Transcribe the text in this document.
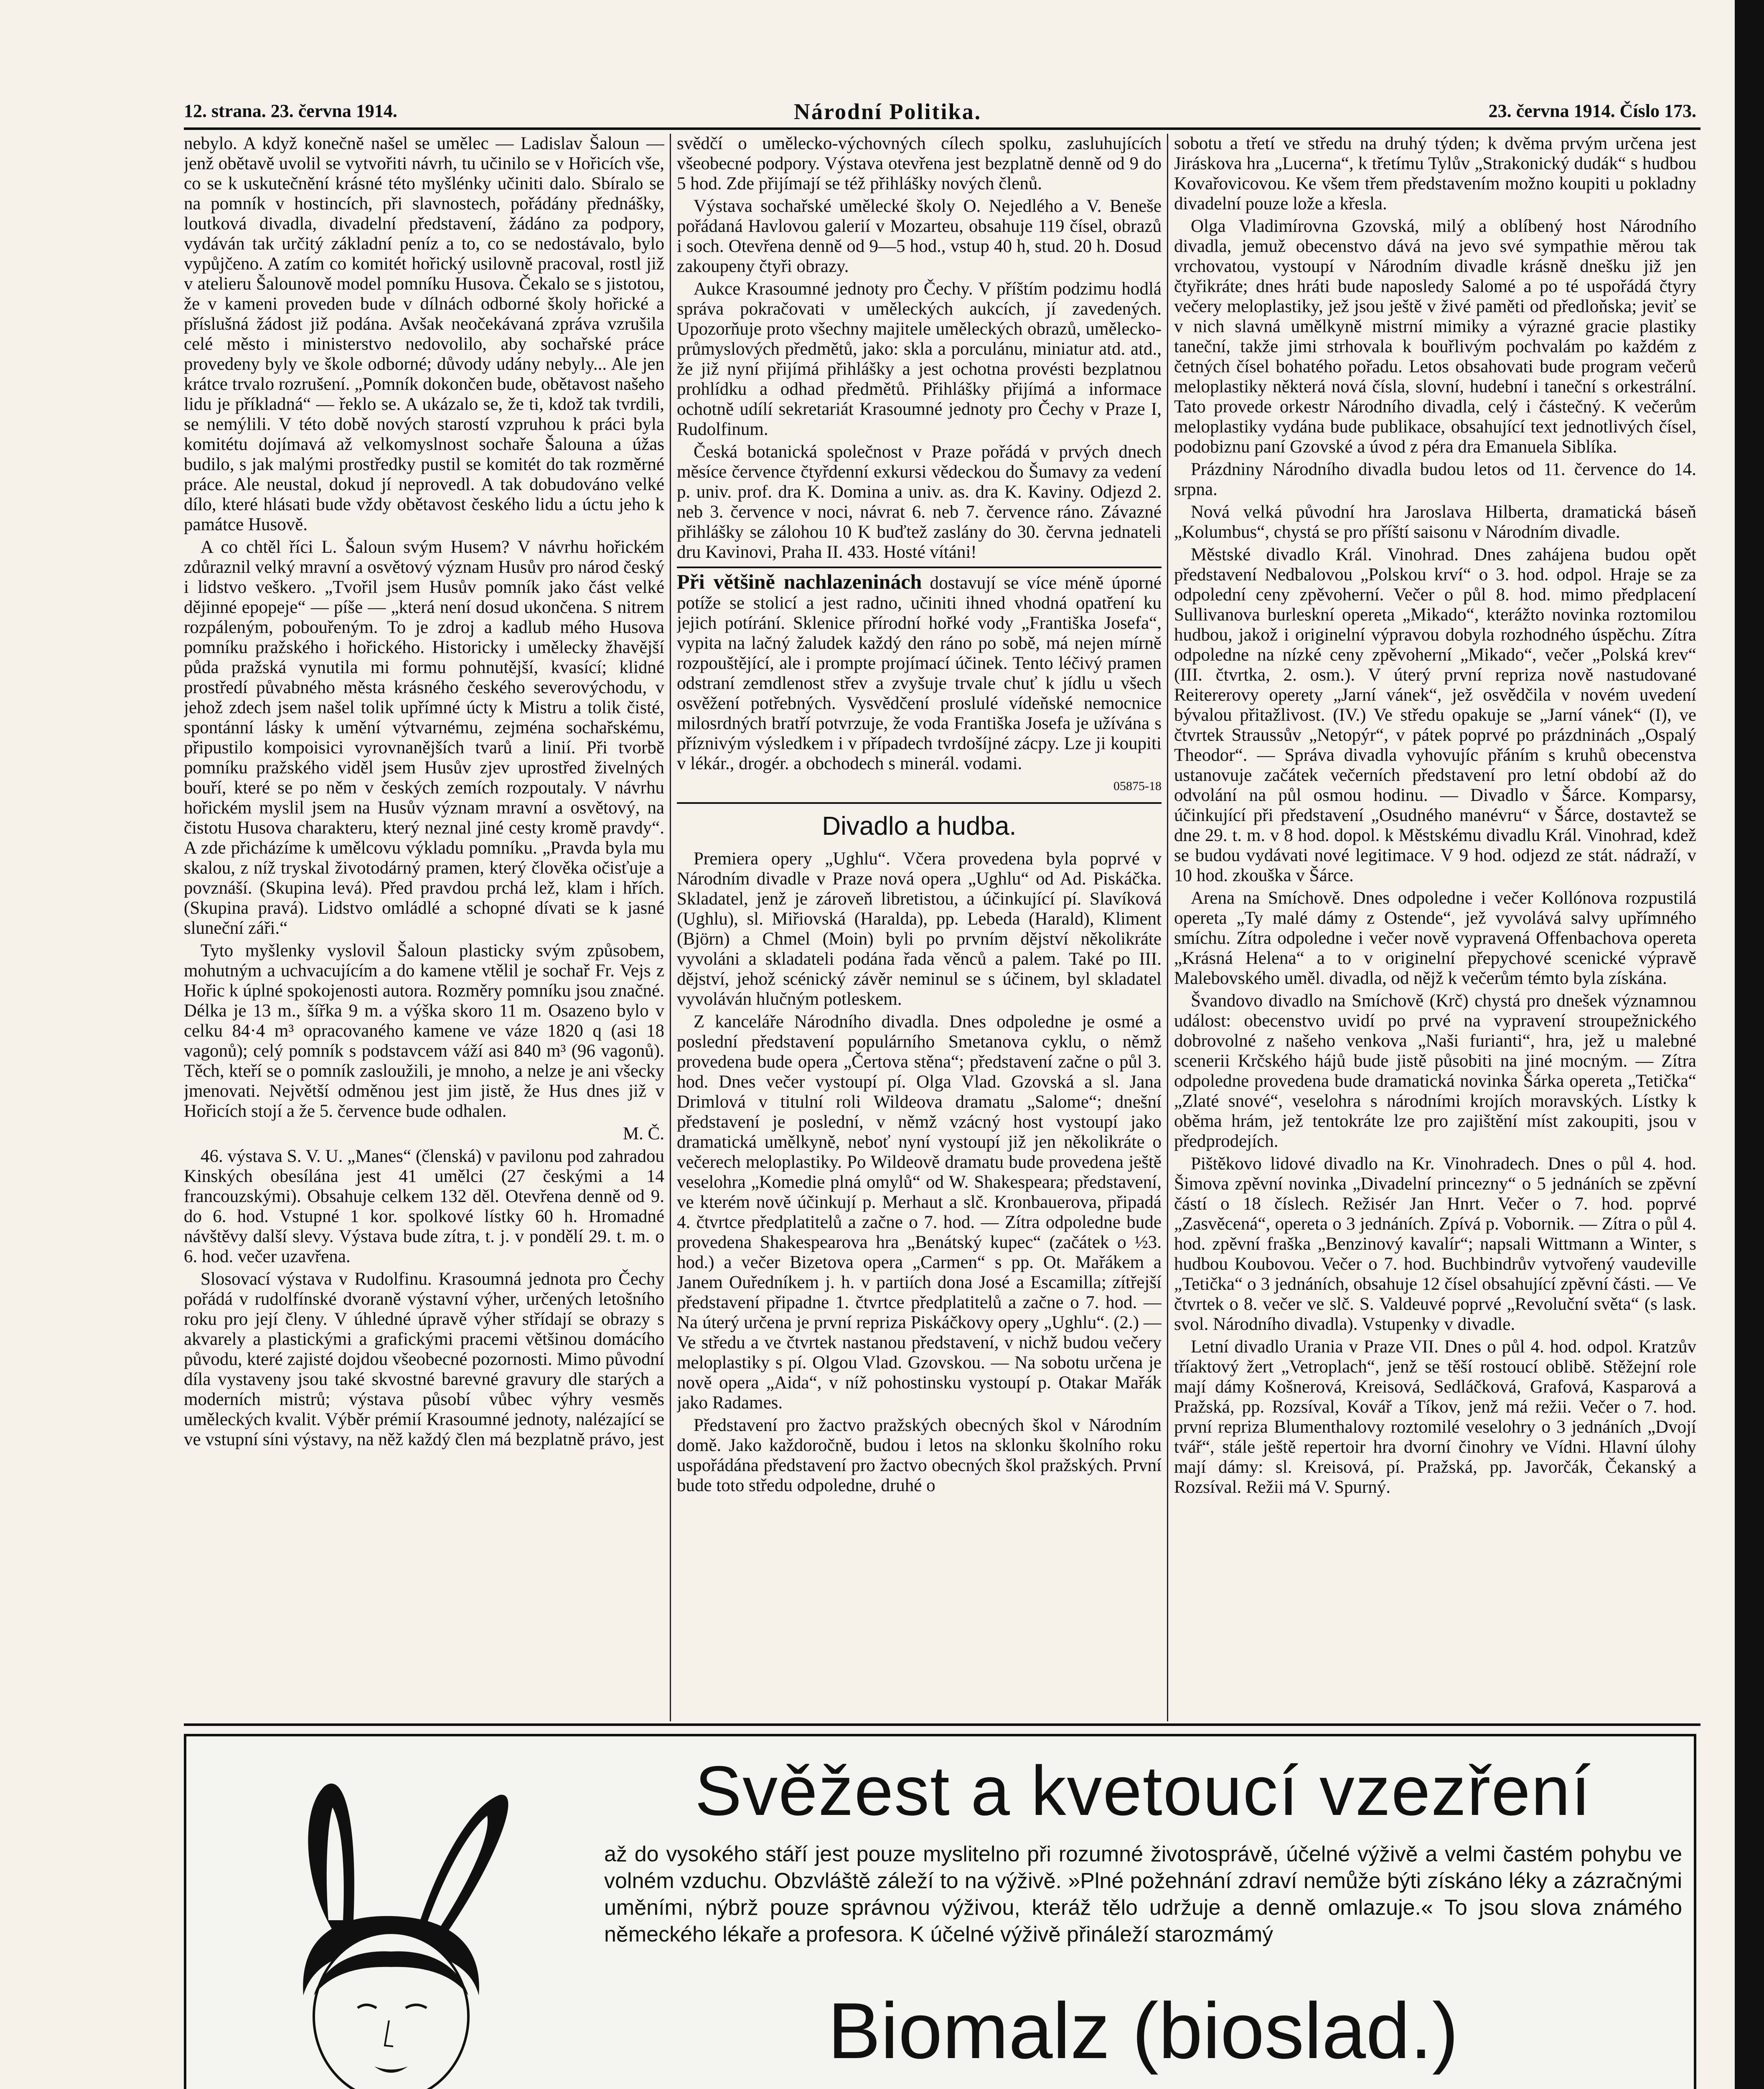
12. strana. 23. června 1914.	Národní Politika.	23. června 1914. Číslo 173.

nebylo. A když konečně našel se umělec — Ladislav Šaloun — jenž obětavě uvolil se vytvořiti návrh, tu učinilo se v Hořicích vše, co se k uskutečnění krásné této myšlénky učiniti dalo. Sbíralo se na pomník v hostincích, při slavnostech, pořádány přednášky, loutková divadla, divadelní představení, žádáno za podpory, vydáván tak určitý základní peníz a to, co se nedostávalo, bylo vypůjčeno. A zatím co komitét hořický usilovně pracoval, rostl již v atelieru Šalounově model pomníku Husova. Čekalo se s jistotou, že v kameni proveden bude v dílnách odborné školy hořické a příslušná žádost již podána. Avšak neočekávaná zpráva vzrušila celé město i ministerstvo nedovolilo, aby sochařské práce provedeny byly ve škole odborné; důvody udány nebyly... Ale jen krátce trvalo rozrušení. „Pomník dokončen bude, obětavost našeho lidu je příkladná“ — řeklo se. A ukázalo se, že ti, kdož tak tvrdili, se nemýlili. V této době nových starostí vzpruhou k práci byla komitétu dojímavá až velkomyslnost sochaře Šalouna a úžas budilo, s jak malými prostředky pustil se komitét do tak rozměrné práce. Ale neustal, dokud jí neprovedl. A tak dobudováno velké dílo, které hlásati bude vždy obětavost českého lidu a úctu jeho k památce Husově.

A co chtěl říci L. Šaloun svým Husem? V návrhu hořickém zdůraznil velký mravní a osvětový význam Husův pro národ český i lidstvo veškero. „Tvořil jsem Husův pomník jako část velké dějinné epopeje“ — píše — „která není dosud ukončena. S nitrem rozpáleným, pobouřeným. To je zdroj a kadlub mého Husova pomníku pražského i hořického. Historicky i umělecky žhavější půda pražská vynutila mi formu pohnutější, kvasící; klidné prostředí půvabného města krásného českého severovýchodu, v jehož zdech jsem našel tolik upřímné úcty k Mistru a tolik čisté, spontánní lásky k umění výtvarnému, zejména sochařskému, připustilo kompoisici vyrovnanějších tvarů a linií. Při tvorbě pomníku pražského viděl jsem Husův zjev uprostřed živelných bouří, které se po něm v českých zemích rozpoutaly. V návrhu hořickém myslil jsem na Husův význam mravní a osvětový, na čistotu Husova charakteru, který neznal jiné cesty kromě pravdy“. A zde přicházíme k umělcovu výkladu pomníku. „Pravda byla mu skalou, z níž tryskal životodárný pramen, který člověka očisťuje a povznáší. (Skupina levá). Před pravdou prchá lež, klam i hřích. (Skupina pravá). Lidstvo omládlé a schopné dívati se k jasné sluneční záři.“

Tyto myšlenky vyslovil Šaloun plasticky svým způsobem, mohutným a uchvacujícím a do kamene vtělil je sochař Fr. Vejs z Hořic k úplné spokojenosti autora. Rozměry pomníku jsou značné. Délka je 13 m., šířka 9 m. a výška skoro 11 m. Osazeno bylo v celku 84·4 m³ opracovaného kamene ve váze 1820 q (asi 18 vagonů); celý pomník s podstavcem váží asi 840 m³ (96 vagonů). Těch, kteří se o pomník zasloužili, je mnoho, a nelze je ani všecky jmenovati. Největší odměnou jest jim jistě, že Hus dnes již v Hořicích stojí a že 5. července bude odhalen.

M. Č.

46. výstava S. V. U. „Manes“ (členská) v pavilonu pod zahradou Kinských obesílána jest 41 umělci (27 českými a 14 francouzskými). Obsahuje celkem 132 děl. Otevřena denně od 9. do 6. hod. Vstupné 1 kor. spolkové lístky 60 h. Hromadné návštěvy další slevy. Výstava bude zítra, t. j. v pondělí 29. t. m. o 6. hod. večer uzavřena.

Slosovací výstava v Rudolfinu. Krasoumná jednota pro Čechy pořádá v rudolfínské dvoraně výstavní výher, určených letošního roku pro její členy. V úhledné úpravě výher střídají se obrazy s akvarely a plastickými a grafickými pracemi většinou domácího původu, které zajisté dojdou všeobecné pozornosti. Mimo původní díla vystaveny jsou také skvostné barevné gravury dle starých a moderních mistrů; výstava působí vůbec výhry vesměs uměleckých kvalit. Výběr prémií Krasoumné jednoty, nalézající se ve vstupní síni výstavy, na něž každý člen má bezplatně právo, jest

svědčí o umělecko-výchovných cílech spolku, zasluhujících všeobecné podpory. Výstava otevřena jest bezplatně denně od 9 do 5 hod. Zde přijímají se též přihlášky nových členů.

Výstava sochařské umělecké školy O. Nejedlého a V. Beneše pořádaná Havlovou galerií v Mozarteu, obsahuje 119 čísel, obrazů i soch. Otevřena denně od 9—5 hod., vstup 40 h, stud. 20 h. Dosud zakoupeny čtyři obrazy.

Aukce Krasoumné jednoty pro Čechy. V příštím podzimu hodlá správa pokračovati v uměleckých aukcích, jí zavedených. Upozorňuje proto všechny majitele uměleckých obrazů, umělecko-průmyslových předmětů, jako: skla a porculánu, miniatur atd. atd., že již nyní přijímá přihlášky a jest ochotna provésti bezplatnou prohlídku a odhad předmětů. Přihlášky přijímá a informace ochotně udílí sekretariát Krasoumné jednoty pro Čechy v Praze I, Rudolfinum.

Česká botanická společnost v Praze pořádá v prvých dnech měsíce července čtyřdenní exkursi vědeckou do Šumavy za vedení p. univ. prof. dra K. Domina a univ. as. dra K. Kaviny. Odjezd 2. neb 3. července v noci, návrat 6. neb 7. července ráno. Závazné přihlášky se zálohou 10 K buďtež zaslány do 30. června jednateli dru Kavinovi, Praha II. 433. Hosté vítáni!

Při většině nachlazeninách dostavují se více méně úporné potíže se stolicí a jest radno, učiniti ihned vhodná opatření ku jejich potírání. Sklenice přírodní hořké vody „Františka Josefa“, vypita na lačný žaludek každý den ráno po sobě, má nejen mírně rozpouštějící, ale i prompte projímací účinek. Tento léčivý pramen odstraní zemdlenost střev a zvyšuje trvale chuť k jídlu u všech osvěžení potřebných. Vysvědčení proslulé vídeňské nemocnice milosrdných bratří potvrzuje, že voda Františka Josefa je užívána s příznivým výsledkem i v případech tvrdošíjné zácpy. Lze ji koupiti v lékár., drogér. a obchodech s minerál. vodami.

05875-18

Divadlo a hudba.

Premiera opery „Ughlu“. Včera provedena byla poprvé v Národním divadle v Praze nová opera „Ughlu“ od Ad. Piskáčka. Skladatel, jenž je zároveň libretistou, a účinkující pí. Slavíková (Ughlu), sl. Miřiovská (Haralda), pp. Lebeda (Harald), Kliment (Björn) a Chmel (Moin) byli po prvním dějství několikráte vyvoláni a skladateli podána řada věnců a palem. Také po III. dějství, jehož scénický závěr neminul se s účinem, byl skladatel vyvoláván hlučným potleskem.

Z kanceláře Národního divadla. Dnes odpoledne je osmé a poslední představení populárního Smetanova cyklu, o němž provedena bude opera „Čertova stěna“; představení začne o půl 3. hod. Dnes večer vystoupí pí. Olga Vlad. Gzovská a sl. Jana Drimlová v titulní roli Wildeova dramatu „Salome“; dnešní představení je poslední, v němž vzácný host vystoupí jako dramatická umělkyně, neboť nyní vystoupí již jen několikráte o večerech meloplastiky. Po Wildeově dramatu bude provedena ještě veselohra „Komedie plná omylů“ od W. Shakespeara; představení, ve kterém nově účinkují p. Merhaut a slč. Kronbauerova, připadá 4. čtvrtce předplatitelů a začne o 7. hod. — Zítra odpoledne bude provedena Shakespearova hra „Benátský kupec“ (začátek o ½3. hod.) a večer Bizetova opera „Carmen“ s pp. Ot. Mařákem a Janem Ouředníkem j. h. v partiích dona José a Escamilla; zítřejší představení připadne 1. čtvrtce předplatitelů a začne o 7. hod. — Na úterý určena je první repriza Piskáčkovy opery „Ughlu“. (2.) — Ve středu a ve čtvrtek nastanou představení, v nichž budou večery meloplastiky s pí. Olgou Vlad. Gzovskou. — Na sobotu určena je nově opera „Aida“, v níž pohostinsku vystoupí p. Otakar Mařák jako Radames.

Představení pro žactvo pražských obecných škol v Národním domě. Jako každoročně, budou i letos na sklonku školního roku uspořádána představení pro žactvo obecných škol pražských. První bude toto středu odpoledne, druhé o

sobotu a třetí ve středu na druhý týden; k dvěma prvým určena jest Jiráskova hra „Lucerna“, k třetímu Tylův „Strakonický dudák“ s hudbou Kovařovicovou. Ke všem třem představením možno koupiti u pokladny divadelní pouze lože a křesla.

Olga Vladimírovna Gzovská, milý a oblíbený host Národního divadla, jemuž obecenstvo dává na jevo své sympathie měrou tak vrchovatou, vystoupí v Národním divadle krásně dnešku již jen čtyřikráte; dnes hráti bude naposledy Salomé a po té uspořádá čtyry večery meloplastiky, jež jsou ještě v živé paměti od předloňska; jeviť se v nich slavná umělkyně mistrní mimiky a výrazné gracie plastiky taneční, takže jimi strhovala k bouřlivým pochvalám po každém z četných čísel bohatého pořadu. Letos obsahovati bude program večerů meloplastiky některá nová čísla, slovní, hudební i taneční s orkestrální. Tato provede orkestr Národního divadla, celý i částečný. K večerům meloplastiky vydána bude publikace, obsahující text jednotlivých čísel, podobiznu paní Gzovské a úvod z péra dra Emanuela Siblíka.

Prázdniny Národního divadla budou letos od 11. července do 14. srpna.

Nová velká původní hra Jaroslava Hilberta, dramatická báseň „Kolumbus“, chystá se pro příští saisonu v Národním divadle.

Městské divadlo Král. Vinohrad. Dnes zahájena budou opět představení Nedbalovou „Polskou krví“ o 3. hod. odpol. Hraje se za odpolední ceny zpěvoherní. Večer o půl 8. hod. mimo předplacení Sullivanova burleskní opereta „Mikado“, kterážto novinka roztomilou hudbou, jakož i originelní výpravou dobyla rozhodného úspěchu. Zítra odpoledne na nízké ceny zpěvoherní „Mikado“, večer „Polská krev“ (III. čtvrtka, 2. osm.). V úterý první repriza nově nastudované Reitererovy operety „Jarní vánek“, jež osvědčila v novém uvedení bývalou přitažlivost. (IV.) Ve středu opakuje se „Jarní vánek“ (I), ve čtvrtek Straussův „Netopýr“, v pátek poprvé po prázdninách „Ospalý Theodor“. — Správa divadla vyhovujíc přáním s kruhů obecenstva ustanovuje začátek večerních představení pro letní období až do odvolání na půl osmou hodinu. — Divadlo v Šárce. Komparsy, účinkující při představení „Osudného manévru“ v Šárce, dostavtež se dne 29. t. m. v 8 hod. dopol. k Městskému divadlu Král. Vinohrad, kdež se budou vydávati nové legitimace. V 9 hod. odjezd ze stát. nádraží, v 10 hod. zkouška v Šárce.

Arena na Smíchově. Dnes odpoledne i večer Kollónova rozpustilá opereta „Ty malé dámy z Ostende“, jež vyvolává salvy upřímného smíchu. Zítra odpoledne i večer nově vypravená Offenbachova opereta „Krásná Helena“ a to v originelní přepychové scenické výpravě Malebovského uměl. divadla, od nějž k večerům témto byla získána.

Švandovo divadlo na Smíchově (Krč) chystá pro dnešek významnou událost: obecenstvo uvidí po prvé na vypravení stroupežnického dobrovolné z našeho venkova „Naši furianti“, hra, jež u malebné scenerii Krčského hájů bude jistě působiti na jiné mocným. — Zítra odpoledne provedena bude dramatická novinka Šárka opereta „Tetička“ „Zlaté snové“, veselohra s národními krojích moravských. Lístky k oběma hrám, jež tentokráte lze pro zajištění míst zakoupiti, jsou v předprodejích.

Pištěkovo lidové divadlo na Kr. Vinohradech. Dnes o půl 4. hod. Šimova zpěvní novinka „Divadelní princezny“ o 5 jednáních se zpěvní částí o 18 číslech. Režisér Jan Hnrt. Večer o 7. hod. poprvé „Zasvěcená“, opereta o 3 jednáních. Zpívá p. Vobornik. — Zítra o půl 4. hod. zpěvní fraška „Benzinový kavalír“; napsali Wittmann a Winter, s hudbou Koubovou. Večer o 7. hod. Buchbindrův vytvořený vaudeville „Tetička“ o 3 jednáních, obsahuje 12 čísel obsahující zpěvní části. — Ve čtvrtek o 8. večer ve slč. S. Valdeuvé poprvé „Revoluční světa“ (s lask. svol. Národního divadla). Vstupenky v divadle.

Letní divadlo Urania v Praze VII. Dnes o půl 4. hod. odpol. Kratzův tříaktový žert „Vetroplach“, jenž se těší rostoucí oblibě. Stěžejní role mají dámy Košnerová, Kreisová, Sedláčková, Grafová, Kasparová a Pražská, pp. Rozsíval, Kovář a Tíkov, jenž má režii. Večer o 7. hod. první repriza Blumenthalovy roztomilé veselohry o 3 jednáních „Dvojí tvář“, stále ještě repertoir hra dvorní činohry ve Vídni. Hlavní úlohy mají dámy: sl. Kreisová, pí. Pražská, pp. Javorčák, Čekanský a Rozsíval. Režii má V. Spurný.

Svěžest a kvetoucí vzezření
až do vysokého stáří jest pouze myslitelno při rozumné životosprávě, účelné výživě a velmi častém pohybu ve volném vzduchu. Obzvláště záleží to na výživě. »Plné požehnání zdraví nemůže býti získáno léky a zázračnými uměními, nýbrž pouze správnou výživou, kteráž tělo udržuje a denně omlazuje.« To jsou slova známého německého lékaře a profesora. K účelné výživě přináleží starozmámý
Biomalz (bioslad.)
